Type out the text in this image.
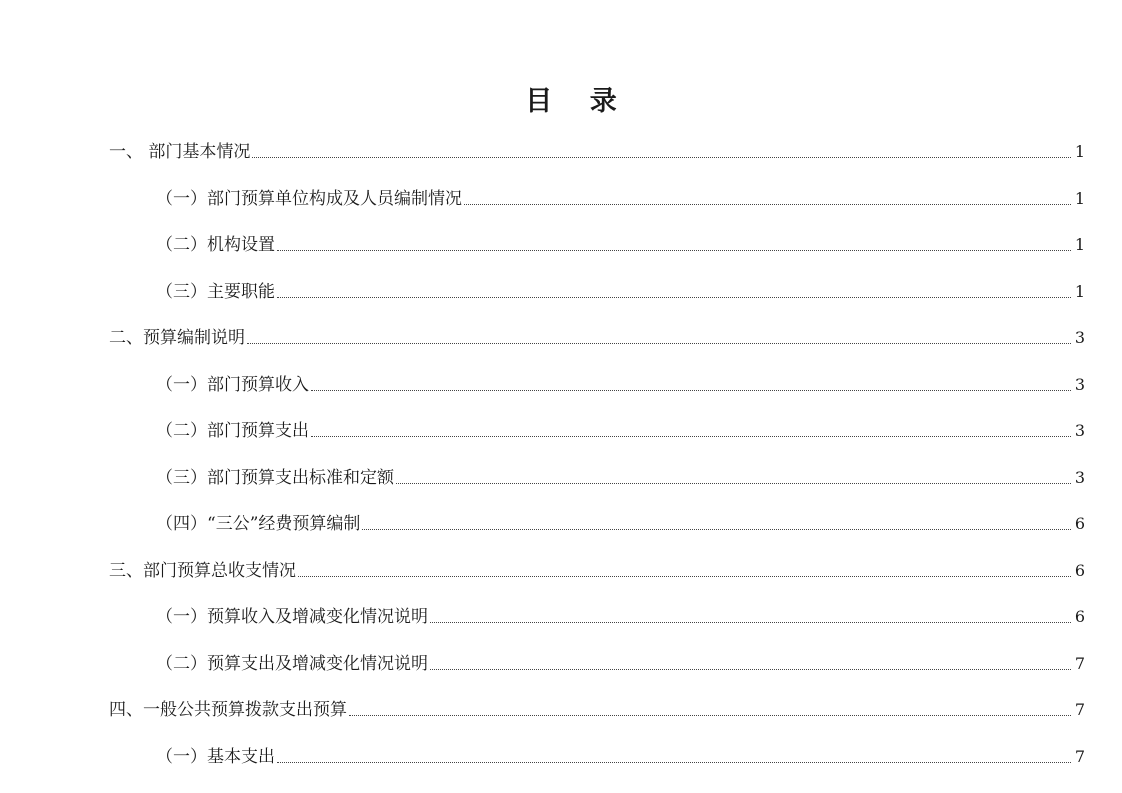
目 录
一、 部门基本情况	1
（一）部门预算单位构成及人员编制情况	1
（二）机构设置	1
（三）主要职能	1
二、预算编制说明	3
（一）部门预算收入	3
（二）部门预算支出	3
（三）部门预算支出标准和定额	3
（四）“三公”经费预算编制	6
三、部门预算总收支情况	6
（一）预算收入及增减变化情况说明	6
（二）预算支出及增减变化情况说明	7
四、一般公共预算拨款支出预算	7
（一）基本支出	7
